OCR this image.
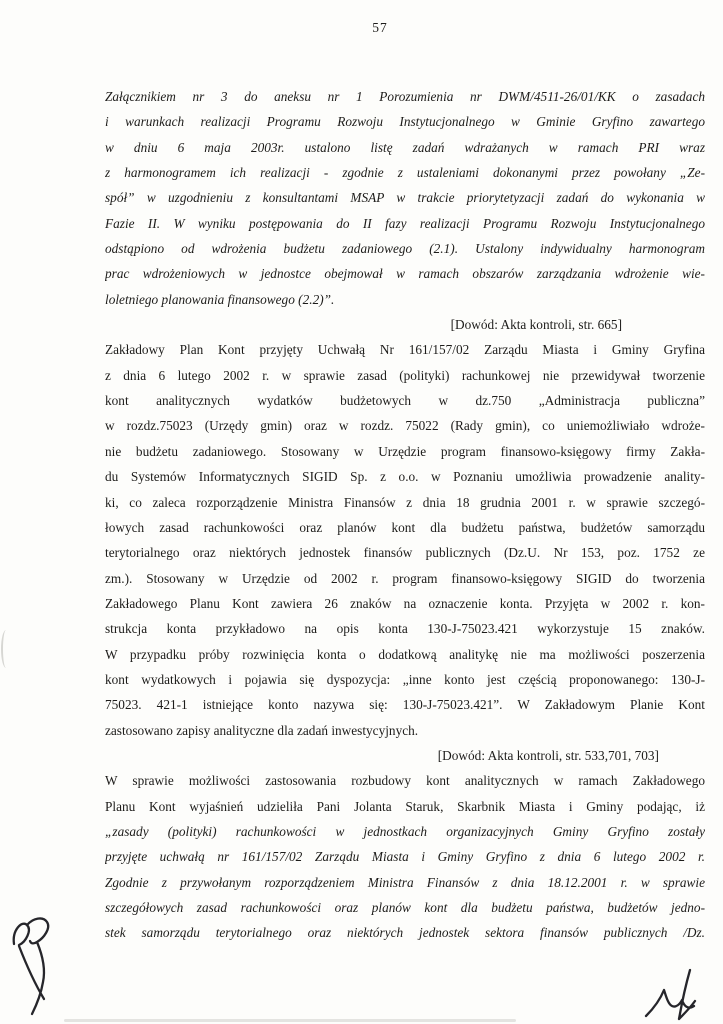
57
Załącznikiem nr 3 do aneksu nr 1 Porozumienia nr DWM/4511-26/01/KK o zasadach
i warunkach realizacji Programu Rozwoju Instytucjonalnego w Gminie Gryfino zawartego
w dniu 6 maja 2003r. ustalono listę zadań wdrażanych w ramach PRI wraz
z harmonogramem ich realizacji - zgodnie z ustaleniami dokonanymi przez powołany „Ze-
spół” w uzgodnieniu z konsultantami MSAP w trakcie priorytetyzacji zadań do wykonania w
Fazie II. W wyniku postępowania do II fazy realizacji Programu Rozwoju Instytucjonalnego
odstąpiono od wdrożenia budżetu zadaniowego (2.1). Ustalony indywidualny harmonogram
prac wdrożeniowych w jednostce obejmował w ramach obszarów zarządzania wdrożenie wie-
loletniego planowania finansowego (2.2)”.
[Dowód: Akta kontroli, str. 665]
Zakładowy Plan Kont przyjęty Uchwałą Nr 161/157/02 Zarządu Miasta i Gminy Gryfina
z dnia 6 lutego 2002 r. w sprawie zasad (polityki) rachunkowej nie przewidywał tworzenie
kont analitycznych wydatków budżetowych w dz.750 „Administracja publiczna”
w rozdz.75023 (Urzędy gmin) oraz w rozdz. 75022 (Rady gmin), co uniemożliwiało wdroże-
nie budżetu zadaniowego. Stosowany w Urzędzie program finansowo-księgowy firmy Zakła-
du Systemów Informatycznych SIGID Sp. z o.o. w Poznaniu umożliwia prowadzenie anality-
ki, co zaleca rozporządzenie Ministra Finansów z dnia 18 grudnia 2001 r. w sprawie szczegó-
łowych zasad rachunkowości oraz planów kont dla budżetu państwa, budżetów samorządu
terytorialnego oraz niektórych jednostek finansów publicznych (Dz.U. Nr 153, poz. 1752 ze
zm.). Stosowany w Urzędzie od 2002 r. program finansowo-księgowy SIGID do tworzenia
Zakładowego Planu Kont zawiera 26 znaków na oznaczenie konta. Przyjęta w 2002 r. kon-
strukcja konta przykładowo na opis konta 130-J-75023.421 wykorzystuje 15 znaków.
W przypadku próby rozwinięcia konta o dodatkową analitykę nie ma możliwości poszerzenia
kont wydatkowych i pojawia się dyspozycja: „inne konto jest częścią proponowanego: 130-J-
75023. 421-1 istniejące konto nazywa się: 130-J-75023.421”. W Zakładowym Planie Kont
zastosowano zapisy analityczne dla zadań inwestycyjnych.
[Dowód: Akta kontroli, str. 533,701, 703]
W sprawie możliwości zastosowania rozbudowy kont analitycznych w ramach Zakładowego
Planu Kont wyjaśnień udzieliła Pani Jolanta Staruk, Skarbnik Miasta i Gminy podając, iż
„zasady (polityki) rachunkowości w jednostkach organizacyjnych Gminy Gryfino zostały
przyjęte uchwałą nr 161/157/02 Zarządu Miasta i Gminy Gryfino z dnia 6 lutego 2002 r.
Zgodnie z przywołanym rozporządzeniem Ministra Finansów z dnia 18.12.2001 r. w sprawie
szczegółowych zasad rachunkowości oraz planów kont dla budżetu państwa, budżetów jedno-
stek samorządu terytorialnego oraz niektórych jednostek sektora finansów publicznych /Dz.
